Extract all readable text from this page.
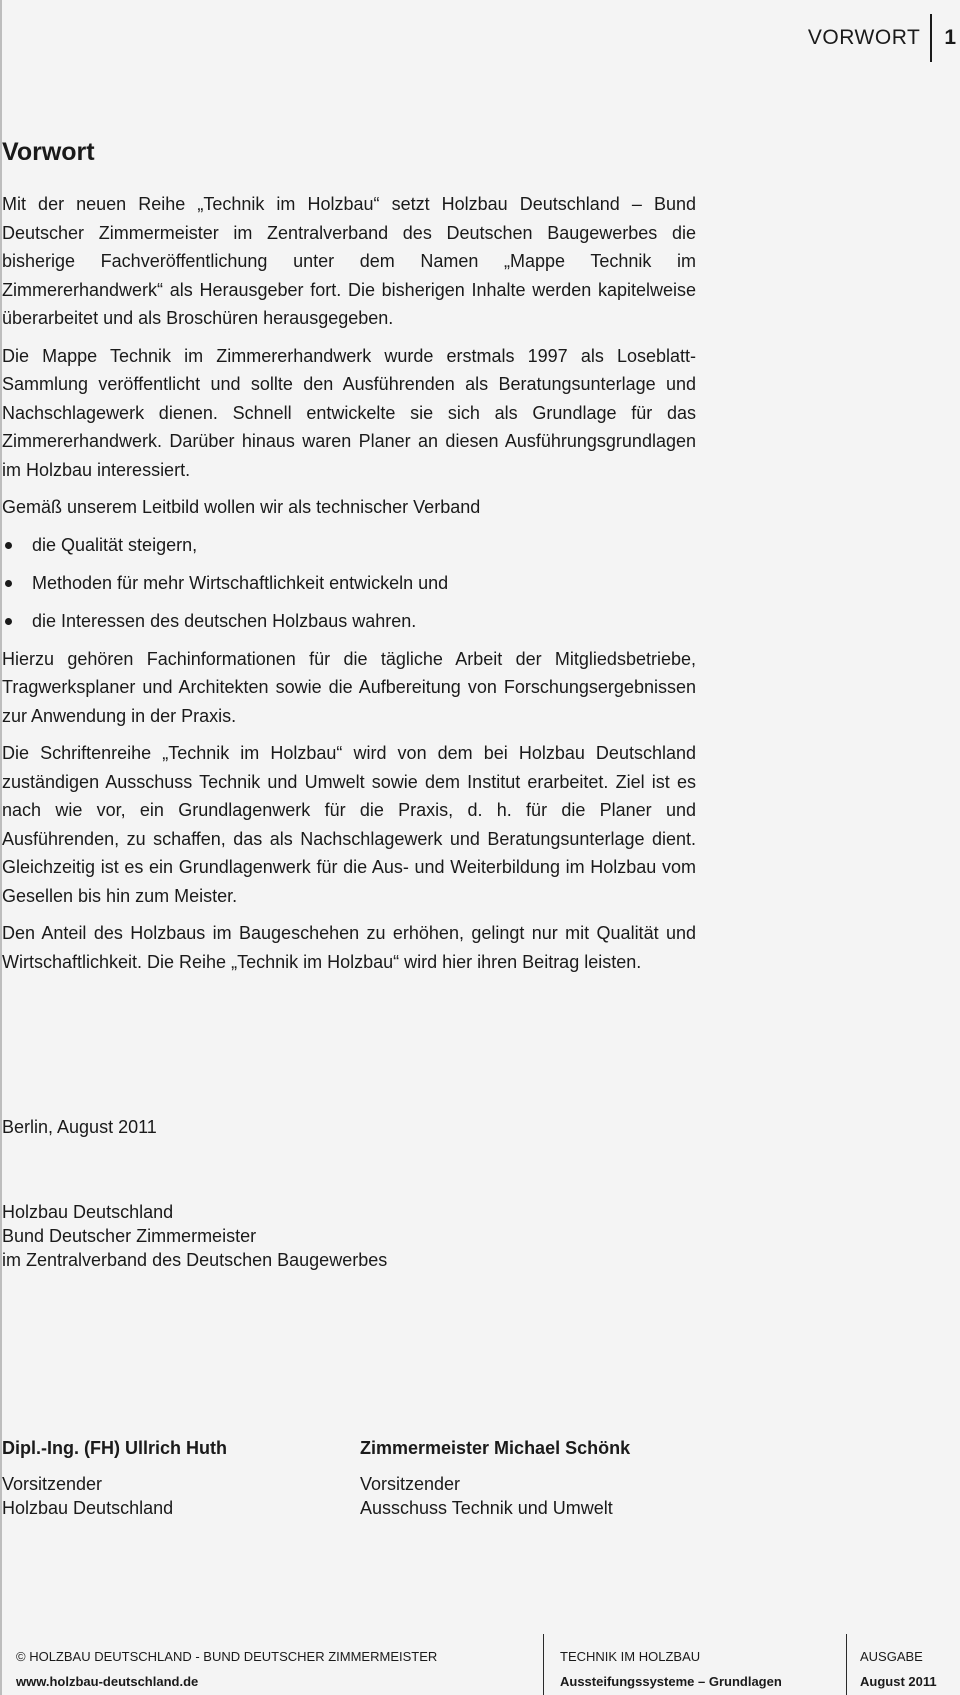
VORWORT	1
Vorwort

Mit der neuen Reihe „Technik im Holzbau“ setzt Holzbau Deutschland – Bund Deutscher Zimmermeister im Zentralverband des Deutschen Baugewerbes die bisherige Fachveröffentlichung unter dem Namen „Mappe Technik im Zimmererhandwerk“ als Herausgeber fort. Die bisherigen Inhalte werden kapitelweise überarbeitet und als Broschüren herausgegeben.

Die Mappe Technik im Zimmererhandwerk wurde erstmals 1997 als Loseblatt-Sammlung veröffentlicht und sollte den Ausführenden als Beratungsunterlage und Nachschlagewerk dienen. Schnell entwickelte sie sich als Grundlage für das Zimmererhandwerk. Darüber hinaus waren Planer an diesen Ausführungsgrundlagen im Holzbau interessiert.

Gemäß unserem Leitbild wollen wir als technischer Verband

die Qualität steigern,
Methoden für mehr Wirtschaftlichkeit entwickeln und
die Interessen des deutschen Holzbaus wahren.

Hierzu gehören Fachinformationen für die tägliche Arbeit der Mitgliedsbetriebe, Tragwerksplaner und Architekten sowie die Aufbereitung von Forschungsergebnissen zur Anwendung in der Praxis.

Die Schriftenreihe „Technik im Holzbau“ wird von dem bei Holzbau Deutschland zuständigen Ausschuss Technik und Umwelt sowie dem Institut erarbeitet. Ziel ist es nach wie vor, ein Grundlagenwerk für die Praxis, d. h. für die Planer und Ausführenden, zu schaffen, das als Nachschlagewerk und Beratungsunterlage dient. Gleichzeitig ist es ein Grundlagenwerk für die Aus- und Weiterbildung im Holzbau vom Gesellen bis hin zum Meister.

Den Anteil des Holzbaus im Baugeschehen zu erhöhen, gelingt nur mit Qualität und Wirtschaftlichkeit. Die Reihe „Technik im Holzbau“ wird hier ihren Beitrag leisten.

Berlin, August 2011
Holzbau Deutschland
Bund Deutscher Zimmermeister
im Zentralverband des Deutschen Baugewerbes
Dipl.-Ing. (FH) Ullrich Huth
Vorsitzender
Holzbau Deutschland
Zimmermeister Michael Schönk
Vorsitzender
Ausschuss Technik und Umwelt
© HOLZBAU DEUTSCHLAND - BUND DEUTSCHER ZIMMERMEISTER
www.holzbau-deutschland.de
TECHNIK IM HOLZBAU
Aussteifungssysteme – Grundlagen
AUSGABE
August 2011
